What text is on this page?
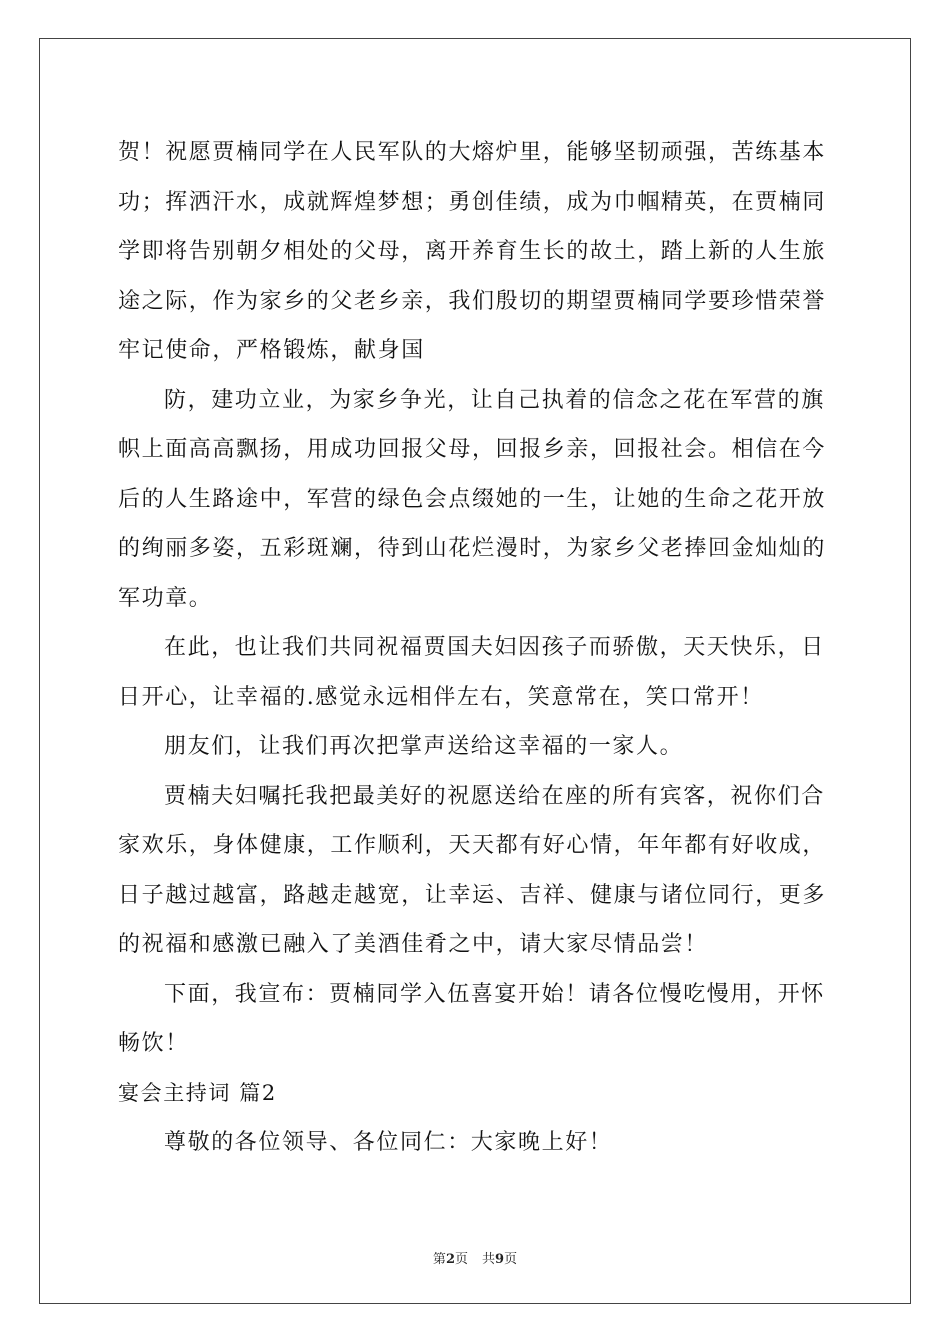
贺！祝愿贾楠同学在人民军队的大熔炉里，能够坚韧顽强，苦练基本
功；挥洒汗水，成就辉煌梦想；勇创佳绩，成为巾帼精英，在贾楠同
学即将告别朝夕相处的父母，离开养育生长的故土，踏上新的人生旅
途之际，作为家乡的父老乡亲，我们殷切的期望贾楠同学要珍惜荣誉
牢记使命，严格锻炼，献身国
防，建功立业，为家乡争光，让自己执着的信念之花在军营的旗
帜上面高高飘扬，用成功回报父母，回报乡亲，回报社会。相信在今
后的人生路途中，军营的绿色会点缀她的一生，让她的生命之花开放
的绚丽多姿，五彩斑斓，待到山花烂漫时，为家乡父老捧回金灿灿的
军功章。
在此，也让我们共同祝福贾国夫妇因孩子而骄傲，天天快乐，日
日开心，让幸福的.感觉永远相伴左右，笑意常在，笑口常开！
朋友们，让我们再次把掌声送给这幸福的一家人。
贾楠夫妇嘱托我把最美好的祝愿送给在座的所有宾客，祝你们合
家欢乐，身体健康，工作顺利，天天都有好心情，年年都有好收成，
日子越过越富，路越走越宽，让幸运、吉祥、健康与诸位同行，更多
的祝福和感激已融入了美酒佳肴之中，请大家尽情品尝！
下面，我宣布：贾楠同学入伍喜宴开始！请各位慢吃慢用，开怀
畅饮！
宴会主持词 篇2
尊敬的各位领导、各位同仁：大家晚上好！
第2页 共9页
